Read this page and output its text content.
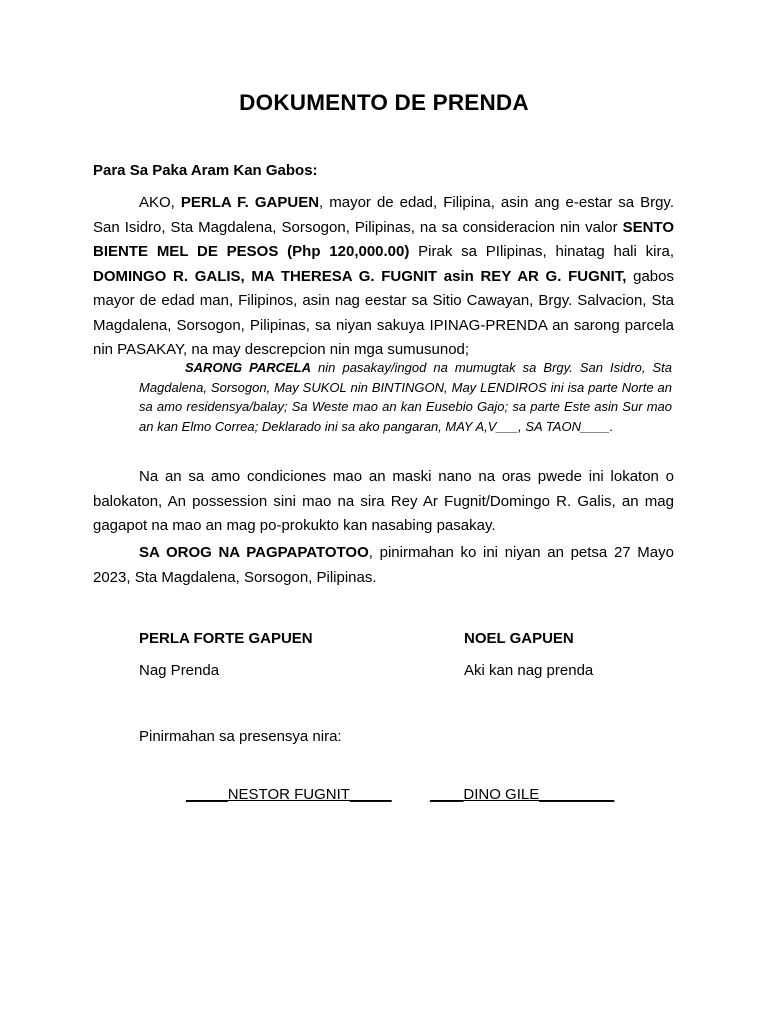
DOKUMENTO DE PRENDA
Para Sa Paka Aram Kan Gabos:
AKO, PERLA F. GAPUEN, mayor de edad, Filipina, asin ang e-estar sa Brgy. San Isidro, Sta Magdalena, Sorsogon, Pilipinas, na sa consideracion nin valor SENTO BIENTE MEL DE PESOS (Php 120,000.00) Pirak sa PIlipinas, hinatag hali kira, DOMINGO R. GALIS, MA THERESA G. FUGNIT asin REY AR G. FUGNIT, gabos mayor de edad man, Filipinos, asin nag eestar sa Sitio Cawayan, Brgy. Salvacion, Sta Magdalena, Sorsogon, Pilipinas, sa niyan sakuya IPINAG-PRENDA an sarong parcela nin PASAKAY, na may descrepcion nin mga sumusunod;
SARONG PARCELA nin pasakay/ingod na mumugtak sa Brgy. San Isidro, Sta Magdalena, Sorsogon, May SUKOL nin BINTINGON, May LENDIROS ini isa parte Norte an sa amo residensya/balay; Sa Weste mao an kan Eusebio Gajo; sa parte Este asin Sur mao an kan Elmo Correa; Deklarado ini sa ako pangaran, MAY A,V___, SA TAON____.
Na an sa amo condiciones mao an maski nano na oras pwede ini lokaton o balokaton, An possession sini mao na sira Rey Ar Fugnit/Domingo R. Galis, an mag gagapot na mao an mag po-prokukto kan nasabing pasakay.
SA OROG NA PAGPAPATOTOO, pinirmahan ko ini niyan an petsa 27 Mayo 2023, Sta Magdalena, Sorsogon, Pilipinas.
PERLA FORTE GAPUEN
Nag Prenda
NOEL GAPUEN
Aki kan nag prenda
Pinirmahan sa presensya nira:
_____NESTOR FUGNIT_____	____DINO GILE_________
